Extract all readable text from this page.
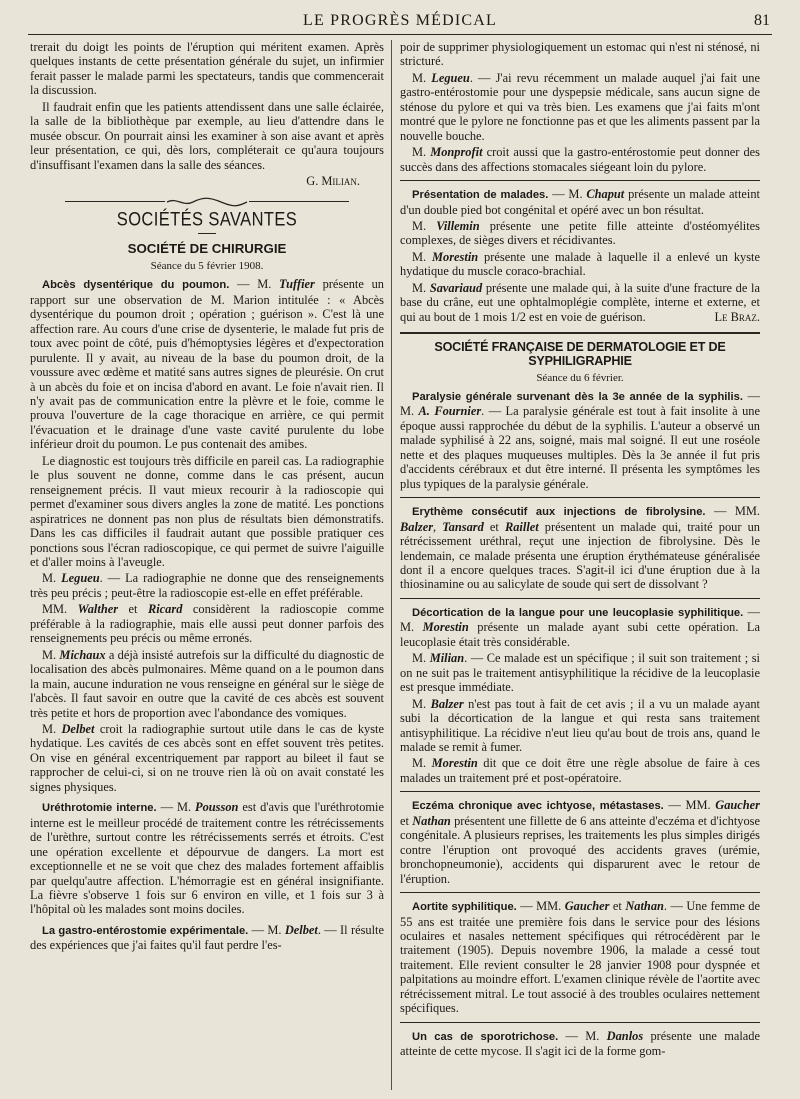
LE PROGRÈS MÉDICAL	81

trerait du doigt les points de l'éruption qui méritent examen. Après quelques instants de cette présentation générale du sujet, un infirmier ferait passer le malade parmi les spectateurs, tandis que commencerait la discussion.

Il faudrait enfin que les patients attendissent dans une salle éclairée, la salle de la bibliothèque par exemple, au lieu d'attendre dans le musée obscur. On pourrait ainsi les examiner à son aise avant et après leur présentation, ce qui, dès lors, compléterait ce qu'aura toujours d'insuffisant l'examen dans la salle des séances.

G. Milian.
SOCIÉTÉS SAVANTES
SOCIÉTÉ DE CHIRURGIE
Séance du 5 février 1908.

Abcès dysentérique du poumon. — M. Tuffier présente un rapport sur une observation de M. Marion intitulée : « Abcès dysentérique du poumon droit ; opération ; guérison ». C'est là une affection rare. Au cours d'une crise de dysenterie, le malade fut pris de toux avec point de côté, puis d'hémoptysies légères et d'expectoration purulente. Il y avait, au niveau de la base du poumon droit, de la voussure avec œdème et matité sans autres signes de pleurésie. On crut à un abcès du foie et on incisa d'abord en avant. Le foie n'avait rien. Il n'y avait pas de communication entre la plèvre et le foie, comme le prouva l'ouverture de la cage thoracique en arrière, ce qui permit l'évacuation et le drainage d'une vaste cavité purulente du lobe inférieur droit du poumon. Le pus contenait des amibes.

Le diagnostic est toujours très difficile en pareil cas. La radiographie le plus souvent ne donne, comme dans le cas présent, aucun renseignement précis. Il vaut mieux recourir à la radioscopie qui permet d'examiner sous divers angles la zone de matité. Les ponctions aspiratrices ne donnent pas non plus de résultats bien démonstratifs. Dans les cas difficiles il faudrait autant que possible pratiquer ces ponctions sous l'écran radioscopique, ce qui permet de suivre l'aiguille et d'aller moins à l'aveugle.

M. Legueu. — La radiographie ne donne que des renseignements très peu précis ; peut-être la radioscopie est-elle en effet préférable.

MM. Walther et Ricard considèrent la radioscopie comme préférable à la radiographie, mais elle aussi peut donner parfois des renseignements peu précis ou même erronés.

M. Michaux a déjà insisté autrefois sur la difficulté du diagnostic de localisation des abcès pulmonaires. Même quand on a le poumon dans la main, aucune induration ne vous renseigne en général sur le siège de l'abcès. Il faut savoir en outre que la cavité de ces abcès est souvent très petite et hors de proportion avec l'abondance des vomiques.

M. Delbet croit la radiographie surtout utile dans le cas de kyste hydatique. Les cavités de ces abcès sont en effet souvent très petites. On vise en général excentriquement par rapport au bileet il faut se rapprocher de celui-ci, si on ne trouve rien là où on avait constaté les signes physiques.

Uréthrotomie interne. — M. Pousson est d'avis que l'uréthrotomie interne est le meilleur procédé de traitement contre les rétrécissements de l'urèthre, surtout contre les rétrécissements serrés et étroits. C'est une opération excellente et dépourvue de dangers. La mort est exceptionnelle et ne se voit que chez des malades fortement affaiblis par quelqu'autre affection. L'hémorragie est en général insignifiante. La fièvre s'observe 1 fois sur 6 environ en ville, et 1 fois sur 3 à l'hôpital où les malades sont moins dociles.

La gastro-entérostomie expérimentale. — M. Delbet. — Il résulte des expériences que j'ai faites qu'il faut perdre l'es-

poir de supprimer physiologiquement un estomac qui n'est ni sténosé, ni stricturé.

M. Legueu. — J'ai revu récemment un malade auquel j'ai fait une gastro-entérostomie pour une dyspepsie médicale, sans aucun signe de sténose du pylore et qui va très bien. Les examens que j'ai faits m'ont montré que le pylore ne fonctionne pas et que les aliments passent par la nouvelle bouche.

M. Monprofit croit aussi que la gastro-entérostomie peut donner des succès dans des affections stomacales siégeant loin du pylore.

Présentation de malades. — M. Chaput présente un malade atteint d'un double pied bot congénital et opéré avec un bon résultat.

M. Villemin présente une petite fille atteinte d'ostéomyélites complexes, de sièges divers et récidivantes.

M. Morestin présente une malade à laquelle il a enlevé un kyste hydatique du muscle coraco-brachial.

M. Savariaud présente une malade qui, à la suite d'une fracture de la base du crâne, eut une ophtalmoplégie complète, interne et externe, et qui au bout de 1 mois 1/2 est en voie de guérison.	Le Braz.

SOCIÉTÉ FRANÇAISE DE DERMATOLOGIE ET DE SYPHILIGRAPHIE
Séance du 6 février.

Paralysie générale survenant dès la 3e année de la syphilis. — M. A. Fournier. — La paralysie générale est tout à fait insolite à une époque aussi rapprochée du début de la syphilis. L'auteur a observé un malade syphilisé à 22 ans, soigné, mais mal soigné. Il eut une roséole nette et des plaques muqueuses multiples. Dès la 3e année il fut pris d'accidents cérébraux et dut être interné. Il présenta les symptômes les plus typiques de la paralysie générale.

Erythème consécutif aux injections de fibrolysine. — MM. Balzer, Tansard et Raillet présentent un malade qui, traité pour un rétrécissement uréthral, reçut une injection de fibrolysine. Dès le lendemain, ce malade présenta une éruption érythémateuse généralisée dont il a encore quelques traces. S'agit-il ici d'une éruption due à la thiosinamine ou au salicylate de soude qui sert de dissolvant ?

Décortication de la langue pour une leucoplasie syphilitique. — M. Morestin présente un malade ayant subi cette opération. La leucoplasie était très considérable.

M. Milian. — Ce malade est un spécifique ; il suit son traitement ; si on ne suit pas le traitement antisyphilitique la récidive de la leucoplasie est presque immédiate.

M. Balzer n'est pas tout à fait de cet avis ; il a vu un malade ayant subi la décortication de la langue et qui resta sans traitement antisyphilitique. La récidive n'eut lieu qu'au bout de trois ans, quand le malade se remit à fumer.

M. Morestin dit que ce doit être une règle absolue de faire à ces malades un traitement pré et post-opératoire.

Eczéma chronique avec ichtyose, métastases. — MM. Gaucher et Nathan présentent une fillette de 6 ans atteinte d'eczéma et d'ichtyose congénitale. A plusieurs reprises, les traitements les plus simples dirigés contre l'éruption ont provoqué des accidents graves (urémie, bronchopneumonie), accidents qui disparurent avec le retour de l'éruption.

Aortite syphilitique. — MM. Gaucher et Nathan. — Une femme de 55 ans est traitée une première fois dans le service pour des lésions oculaires et nasales nettement spécifiques qui rétrocédèrent par le traitement (1905). Depuis novembre 1906, la malade a cessé tout traitement. Elle revient consulter le 28 janvier 1908 pour dyspnée et palpitations au moindre effort. L'examen clinique révèle de l'aortite avec rétrécissement mitral. Le tout associé à des troubles oculaires nettement spécifiques.

Un cas de sporotrichose. — M. Danlos présente une malade atteinte de cette mycose. Il s'agit ici de la forme gom-
